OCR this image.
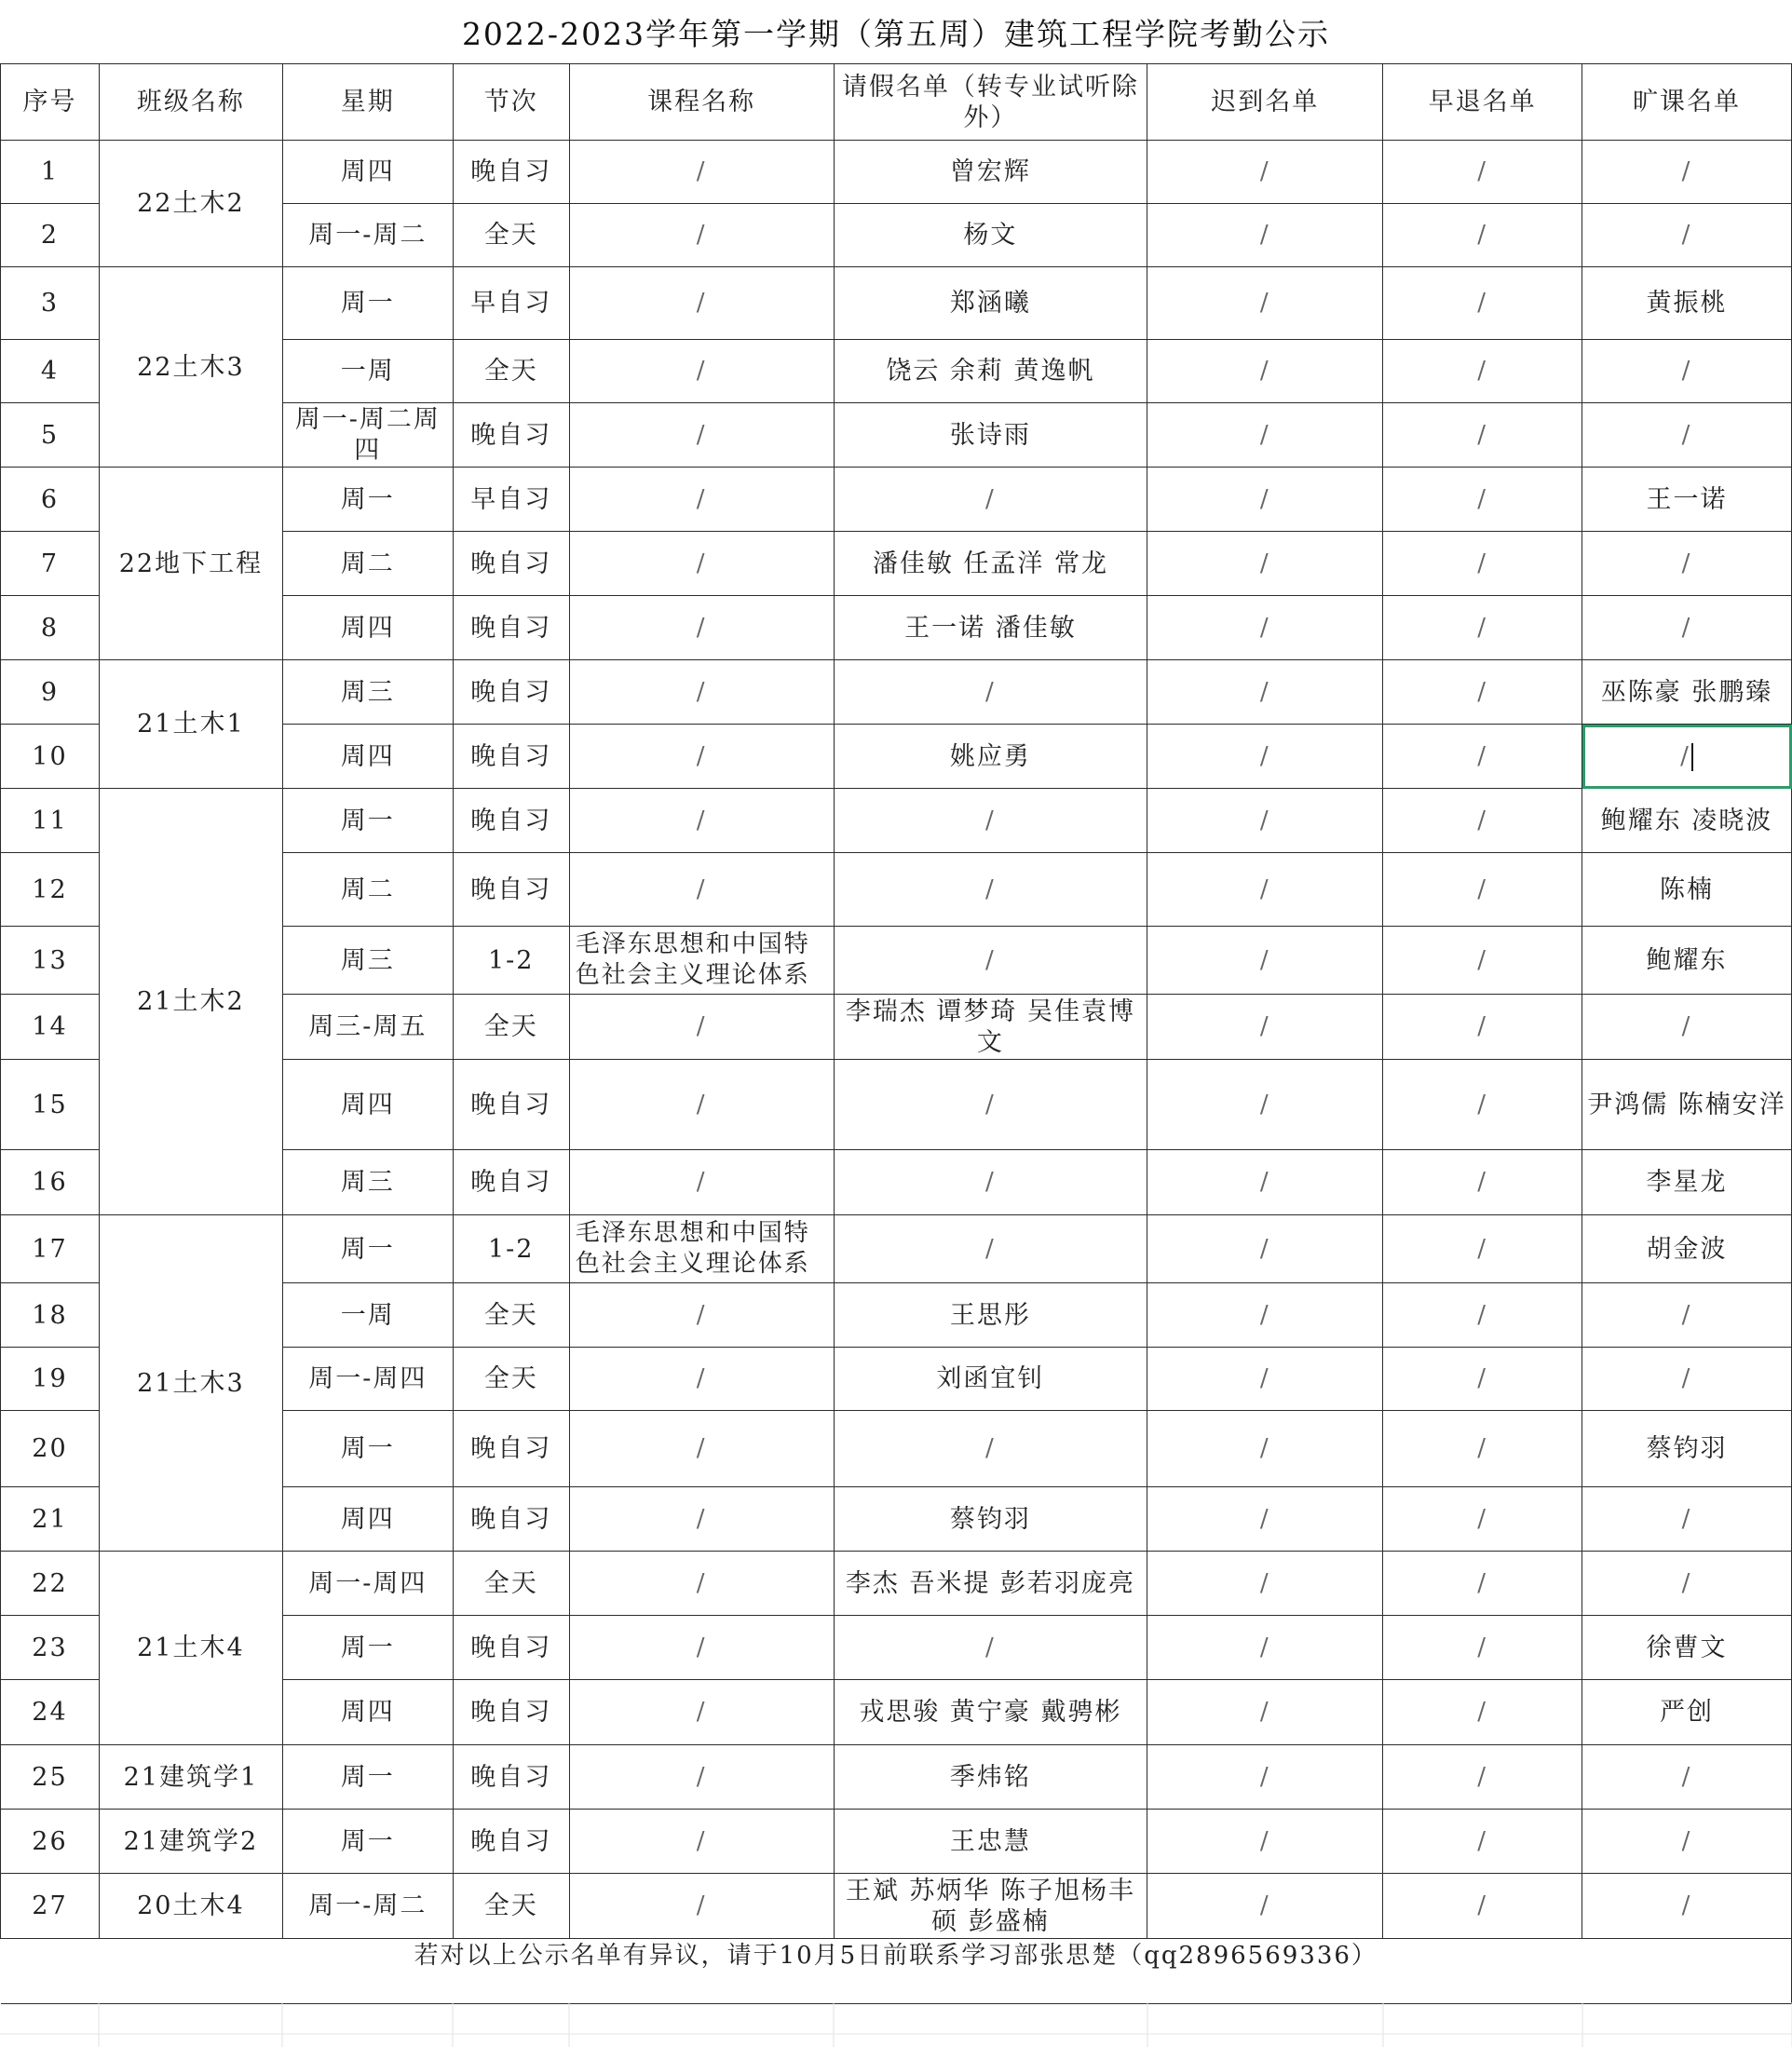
2022-2023学年第一学期（第五周）建筑工程学院考勤公示
序号	班级名称	星期	节次	课程名称	请假名单（转专业试听除外）	迟到名单	早退名单	旷课名单
1	22土木2	周四	晚自习	/	曾宏辉	/	/	/
2		周一-周二	全天	/	杨文	/	/	/
3	22土木3	周一	早自习	/	郑涵曦	/	/	黄振桃
4		一周	全天	/	饶云 余莉 黄逸帆	/	/	/
5		周一-周二周四	晚自习	/	张诗雨	/	/	/
6	22地下工程	周一	早自习	/	/	/	/	王一诺
7		周二	晚自习	/	潘佳敏 任孟洋 常龙	/	/	/
8		周四	晚自习	/	王一诺 潘佳敏	/	/	/
9	21土木1	周三	晚自习	/	/	/	/	巫陈豪 张鹏臻
10		周四	晚自习	/	姚应勇	/	/	/
11	21土木2	周一	晚自习	/	/	/	/	鲍耀东 凌晓波
12		周二	晚自习	/	/	/	/	陈楠
13		周三	1-2	毛泽东思想和中国特色社会主义理论体系	/	/	/	鲍耀东
14		周三-周五	全天	/	李瑞杰 谭梦琦 吴佳袁博文	/	/	/
15		周四	晚自习	/	/	/	/	尹鸿儒 陈楠安洋
16		周三	晚自习	/	/	/	/	李星龙
17	21土木3	周一	1-2	毛泽东思想和中国特色社会主义理论体系	/	/	/	胡金波
18		一周	全天	/	王思彤	/	/	/
19		周一-周四	全天	/	刘函宜钊	/	/	/
20		周一	晚自习	/	/	/	/	蔡钧羽
21		周四	晚自习	/	蔡钧羽	/	/	/
22	21土木4	周一-周四	全天	/	李杰 吾米提 彭若羽庞亮	/	/	/
23		周一	晚自习	/	/	/	/	徐曹文
24		周四	晚自习	/	戎思骏 黄宁豪 戴骋彬	/	/	严创
25	21建筑学1	周一	晚自习	/	季炜铭	/	/	/
26	21建筑学2	周一	晚自习	/	王忠慧	/	/	/
27	20土木4	周一-周二	全天	/	王斌 苏炳华 陈子旭杨丰硕 彭盛楠	/	/	/
若对以上公示名单有异议，请于10月5日前联系学习部张思楚（qq2896569336）								
